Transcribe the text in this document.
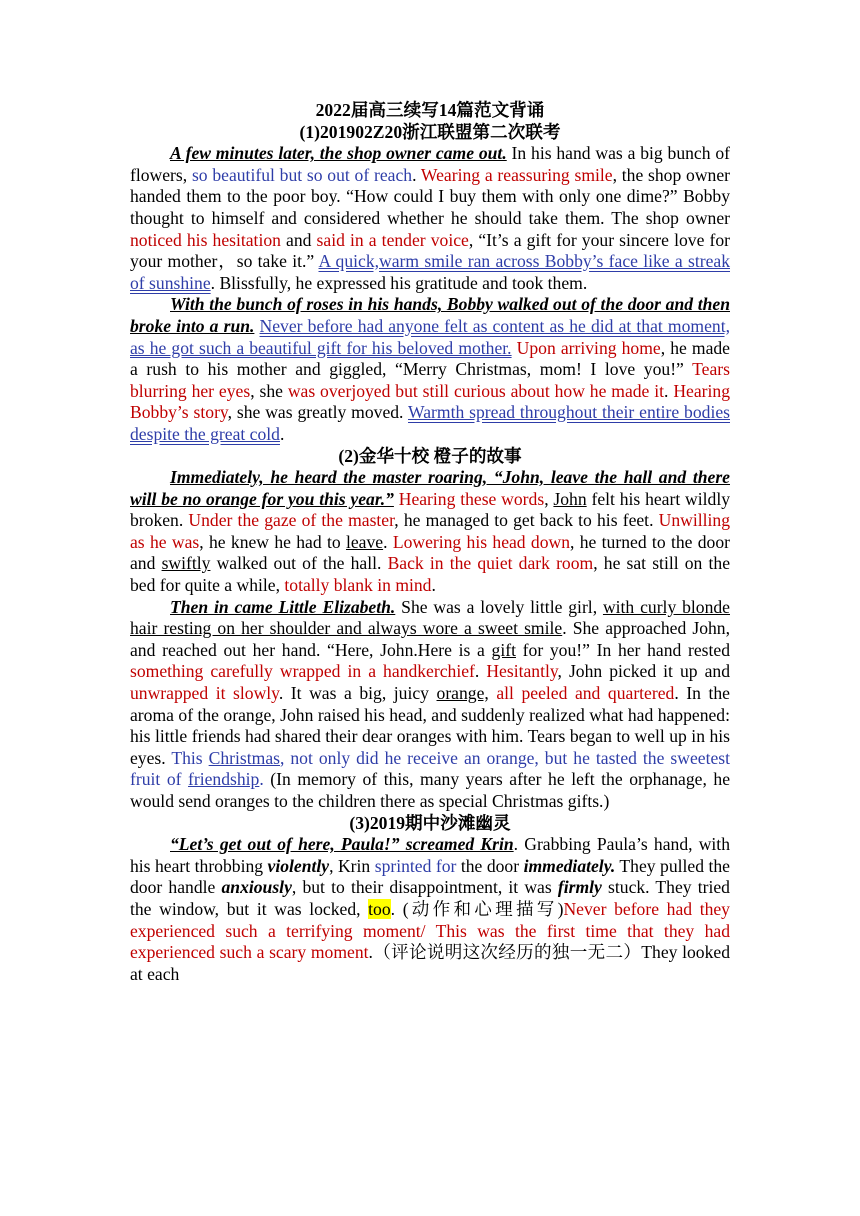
2022届高三续写14篇范文背诵

(1)201902Z20浙江联盟第二次联考

A few minutes later, the shop owner came out. In his hand was a big bunch of flowers, so beautiful but so out of reach. Wearing a reassuring smile, the shop owner handed them to the poor boy. “How could I buy them with only one dime?” Bobby thought to himself and considered whether he should take them. The shop owner noticed his hesitation and said in a tender voice, “It’s a gift for your sincere love for your mother，so take it.” A quick,warm smile ran across Bobby’s face like a streak of sunshine. Blissfully, he expressed his gratitude and took them.

With the bunch of roses in his hands, Bobby walked out of the door and then broke into a run. Never before had anyone felt as content as he did at that moment, as he got such a beautiful gift for his beloved mother. Upon arriving home, he made a rush to his mother and giggled, “Merry Christmas, mom! I love you!” Tears blurring her eyes, she was overjoyed but still curious about how he made it. Hearing Bobby’s story, she was greatly moved. Warmth spread throughout their entire bodies despite the great cold.

(2)金华十校 橙子的故事

Immediately, he heard the master roaring, “John, leave the hall and there will be no orange for you this year.” Hearing these words, John felt his heart wildly broken. Under the gaze of the master, he managed to get back to his feet. Unwilling as he was, he knew he had to leave. Lowering his head down, he turned to the door and swiftly walked out of the hall. Back in the quiet dark room, he sat still on the bed for quite a while, totally blank in mind.

Then in came Little Elizabeth. She was a lovely little girl, with curly blonde hair resting on her shoulder and always wore a sweet smile. She approached John, and reached out her hand. “Here, John.Here is a gift for you!” In her hand rested something carefully wrapped in a handkerchief. Hesitantly, John picked it up and unwrapped it slowly. It was a big, juicy orange, all peeled and quartered. In the aroma of the orange, John raised his head, and suddenly realized what had happened: his little friends had shared their dear oranges with him. Tears began to well up in his eyes. This Christmas, not only did he receive an orange, but he tasted the sweetest fruit of friendship. (In memory of this, many years after he left the orphanage, he would send oranges to the children there as special Christmas gifts.)

(3)2019期中沙滩幽灵

“Let’s get out of here, Paula!” screamed Krin. Grabbing Paula’s hand, with his heart throbbing violently, Krin sprinted for the door immediately. They pulled the door handle anxiously, but to their disappointment, it was firmly stuck. They tried the window, but it was locked, too. (动作和心理描写)Never before had they experienced such a terrifying moment/ This was the first time that they had experienced such a scary moment.（评论说明这次经历的独一无二）They looked at each
